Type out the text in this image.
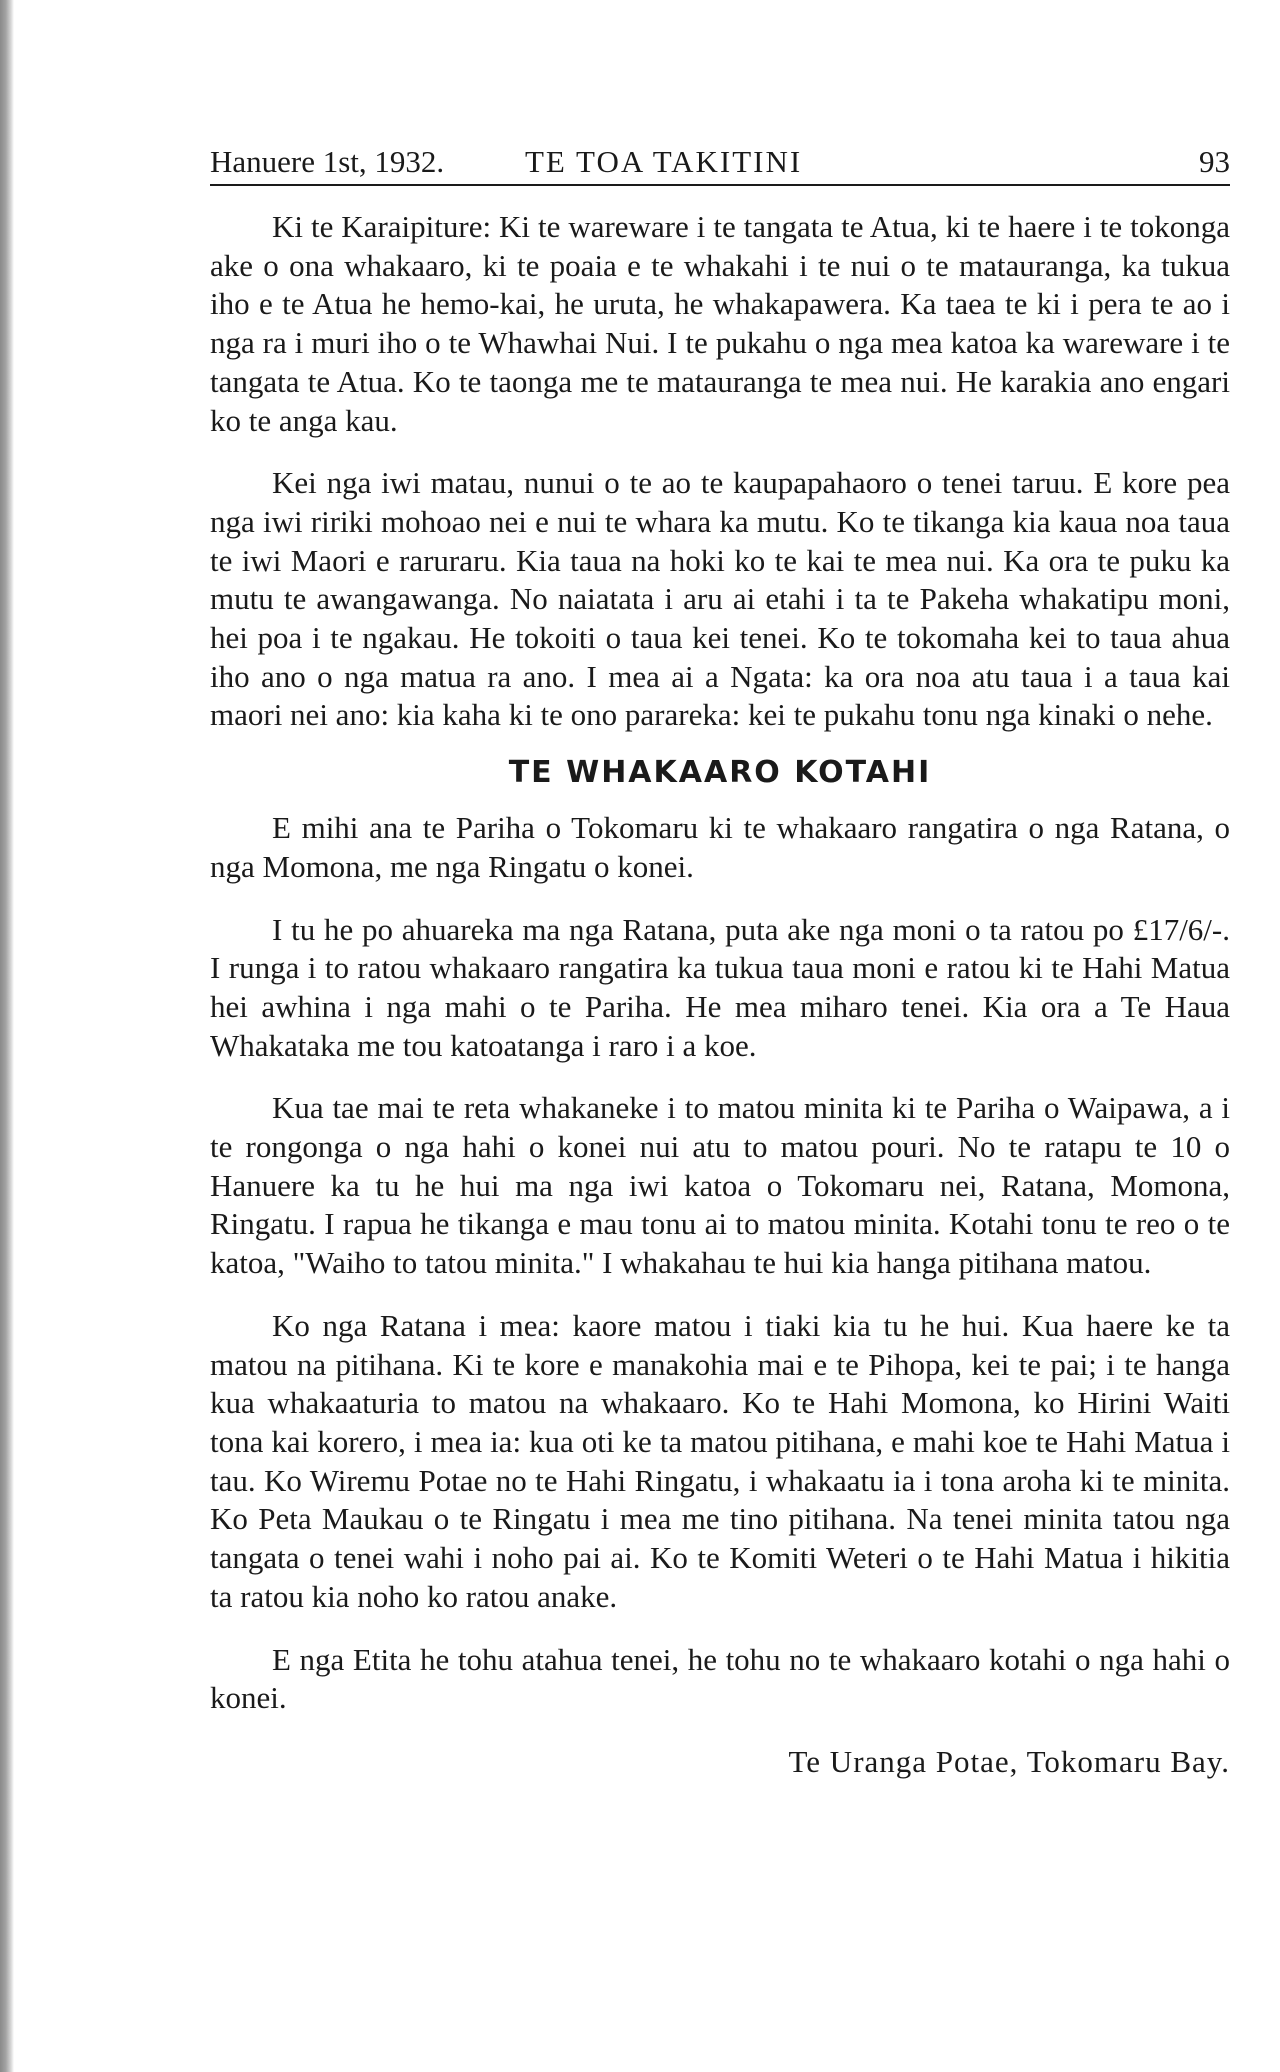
Hanuere 1st, 1932.	TE TOA TAKITINI	93

Ki te Karaipiture: Ki te wareware i te tangata te Atua, ki te haere i te tokonga ake o ona whakaaro, ki te poaia e te whakahi i te nui o te matauranga, ka tukua iho e te Atua he hemo-kai, he uruta, he whakapawera. Ka taea te ki i pera te ao i nga ra i muri iho o te Whawhai Nui. I te pukahu o nga mea katoa ka wareware i te tangata te Atua. Ko te taonga me te matauranga te mea nui. He karakia ano engari ko te anga kau.

Kei nga iwi matau, nunui o te ao te kaupapahaoro o tenei taruu. E kore pea nga iwi ririki mohoao nei e nui te whara ka mutu. Ko te tikanga kia kaua noa taua te iwi Maori e raruraru. Kia taua na hoki ko te kai te mea nui. Ka ora te puku ka mutu te awangawanga. No naiatata i aru ai etahi i ta te Pakeha whakatipu moni, hei poa i te ngakau. He tokoiti o taua kei tenei. Ko te tokomaha kei to taua ahua iho ano o nga matua ra ano. I mea ai a Ngata: ka ora noa atu taua i a taua kai maori nei ano: kia kaha ki te ono parareka: kei te pukahu tonu nga kinaki o nehe.

TE WHAKAARO KOTAHI

E mihi ana te Pariha o Tokomaru ki te whakaaro rangatira o nga Ratana, o nga Momona, me nga Ringatu o konei.

I tu he po ahuareka ma nga Ratana, puta ake nga moni o ta ratou po £17/6/-. I runga i to ratou whakaaro rangatira ka tukua taua moni e ratou ki te Hahi Matua hei awhina i nga mahi o te Pariha. He mea miharo tenei. Kia ora a Te Haua Whakataka me tou katoatanga i raro i a koe.

Kua tae mai te reta whakaneke i to matou minita ki te Pariha o Waipawa, a i te rongonga o nga hahi o konei nui atu to matou pouri. No te ratapu te 10 o Hanuere ka tu he hui ma nga iwi katoa o Tokomaru nei, Ratana, Momona, Ringatu. I rapua he tikanga e mau tonu ai to matou minita. Kotahi tonu te reo o te katoa, "Waiho to tatou minita." I whakahau te hui kia hanga pitihana matou.

Ko nga Ratana i mea: kaore matou i tiaki kia tu he hui. Kua haere ke ta matou na pitihana. Ki te kore e manakohia mai e te Pihopa, kei te pai; i te hanga kua whakaaturia to matou na whakaaro. Ko te Hahi Momona, ko Hirini Waiti tona kai korero, i mea ia: kua oti ke ta matou pitihana, e mahi koe te Hahi Matua i tau. Ko Wiremu Potae no te Hahi Ringatu, i whakaatu ia i tona aroha ki te minita. Ko Peta Maukau o te Ringatu i mea me tino pitihana. Na tenei minita tatou nga tangata o tenei wahi i noho pai ai. Ko te Komiti Weteri o te Hahi Matua i hikitia ta ratou kia noho ko ratou anake.

E nga Etita he tohu atahua tenei, he tohu no te whakaaro kotahi o nga hahi o konei.

Te Uranga Potae, Tokomaru Bay.
